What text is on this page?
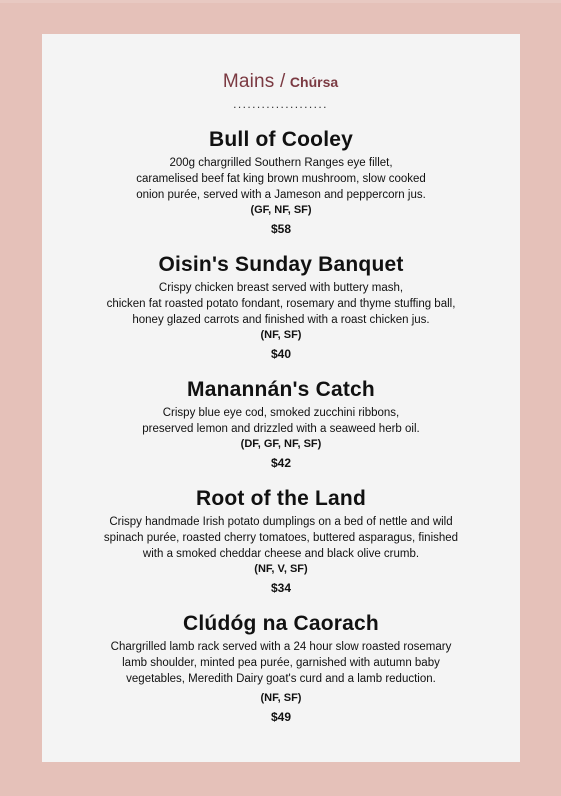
Mains / Chúrsa
....................
Bull of Cooley
200g chargrilled Southern Ranges eye fillet,
caramelised beef fat king brown mushroom, slow cooked
onion purée, served with a Jameson and peppercorn jus.
(GF, NF, SF)
$58
Oisin's Sunday Banquet
Crispy chicken breast served with buttery mash,
chicken fat roasted potato fondant, rosemary and thyme stuffing ball,
honey glazed carrots and finished with a roast chicken jus.
(NF, SF)
$40
Manannán's Catch
Crispy blue eye cod, smoked zucchini ribbons,
preserved lemon and drizzled with a seaweed herb oil.
(DF, GF, NF, SF)
$42
Root of the Land
Crispy handmade Irish potato dumplings on a bed of nettle and wild
spinach purée, roasted cherry tomatoes, buttered asparagus, finished
with a smoked cheddar cheese and black olive crumb.
(NF, V, SF)
$34
Clúdóg na Caorach
Chargrilled lamb rack served with a 24 hour slow roasted rosemary
lamb shoulder, minted pea purée, garnished with autumn baby
vegetables, Meredith Dairy goat's curd and a lamb reduction.
(NF, SF)
$49
